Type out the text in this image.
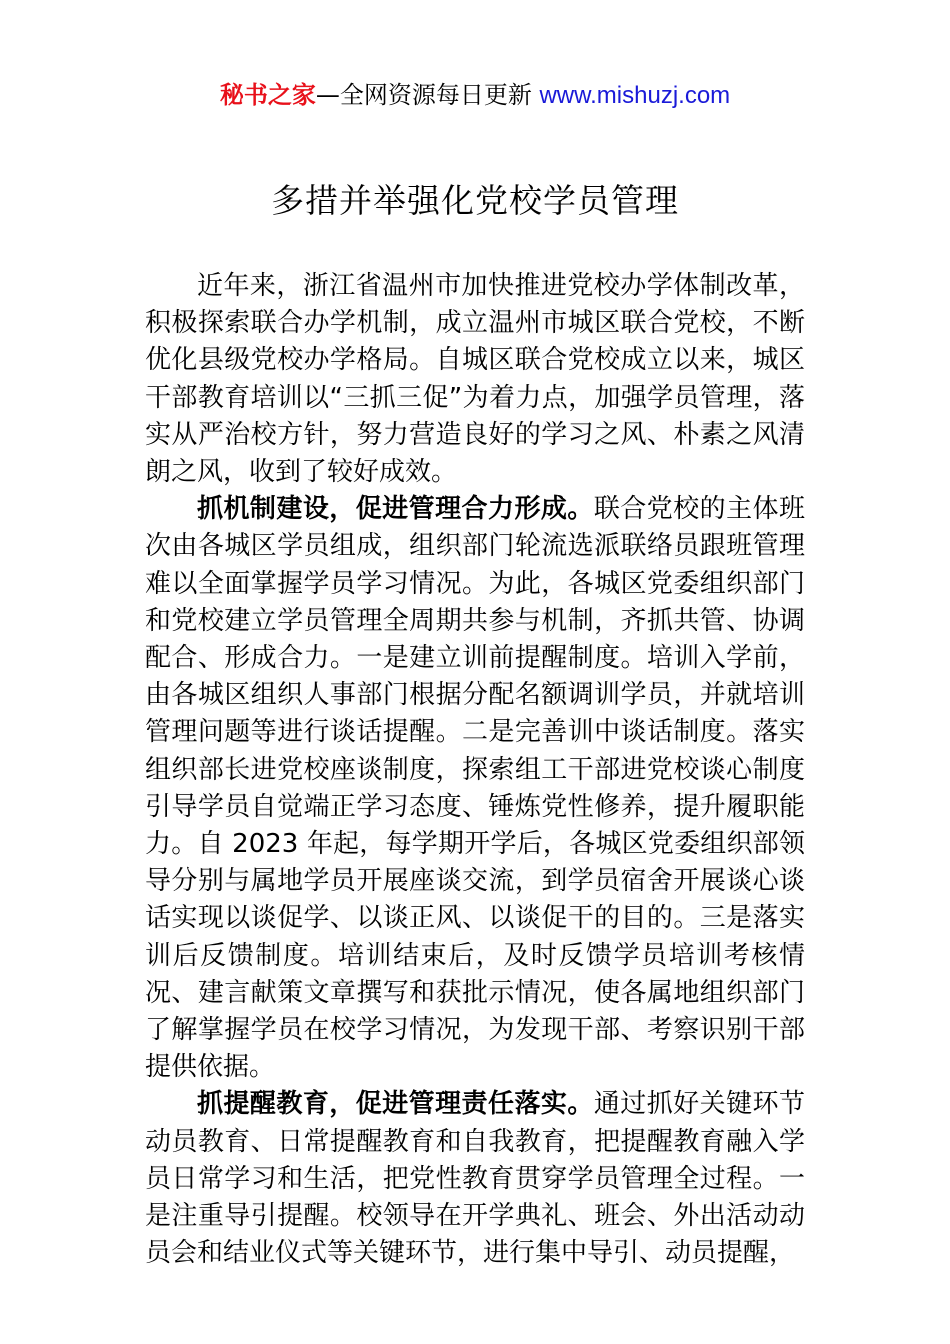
秘书之家—全网资源每日更新 www.mishuzj.com
多措并举强化党校学员管理

近年来，浙江省温州市加快推进党校办学体制改革，积极探索联合办学机制，成立温州市城区联合党校，不断优化县级党校办学格局。自城区联合党校成立以来，城区干部教育培训以“三抓三促”为着力点，加强学员管理，落实从严治校方针，努力营造良好的学习之风、朴素之风清朗之风，收到了较好成效。

抓机制建设，促进管理合力形成。联合党校的主体班次由各城区学员组成，组织部门轮流选派联络员跟班管理难以全面掌握学员学习情况。为此，各城区党委组织部门和党校建立学员管理全周期共参与机制，齐抓共管、协调配合、形成合力。一是建立训前提醒制度。培训入学前，由各城区组织人事部门根据分配名额调训学员，并就培训管理问题等进行谈话提醒。二是完善训中谈话制度。落实组织部长进党校座谈制度，探索组工干部进党校谈心制度引导学员自觉端正学习态度、锤炼党性修养，提升履职能力。自 2023 年起，每学期开学后，各城区党委组织部领导分别与属地学员开展座谈交流，到学员宿舍开展谈心谈话实现以谈促学、以谈正风、以谈促干的目的。三是落实训后反馈制度。培训结束后，及时反馈学员培训考核情况、建言献策文章撰写和获批示情况，使各属地组织部门了解掌握学员在校学习情况，为发现干部、考察识别干部提供依据。

抓提醒教育，促进管理责任落实。通过抓好关键环节动员教育、日常提醒教育和自我教育，把提醒教育融入学员日常学习和生活，把党性教育贯穿学员管理全过程。一是注重导引提醒。校领导在开学典礼、班会、外出活动动员会和结业仪式等关键环节，进行集中导引、动员提醒，
